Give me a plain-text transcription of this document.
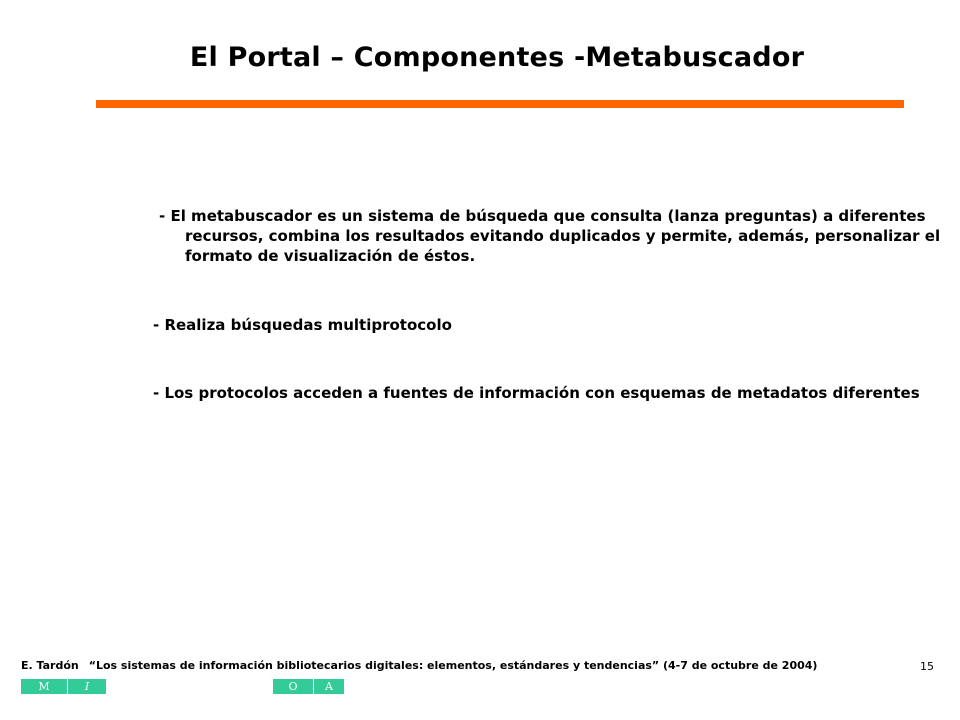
El Portal – Componentes -Metabuscador
- El metabuscador es un sistema de búsqueda que consulta (lanza preguntas) a diferentes
recursos, combina los resultados evitando duplicados y permite, además, personalizar el
formato de visualización de éstos.
- Realiza búsquedas multiprotocolo
- Los protocolos acceden a fuentes de información con esquemas de metadatos diferentes
E. Tardón “Los sistemas de información bibliotecarios digitales: elementos, estándares y tendencias” (4-7 de octubre de 2004)	15
M	I	O	A
